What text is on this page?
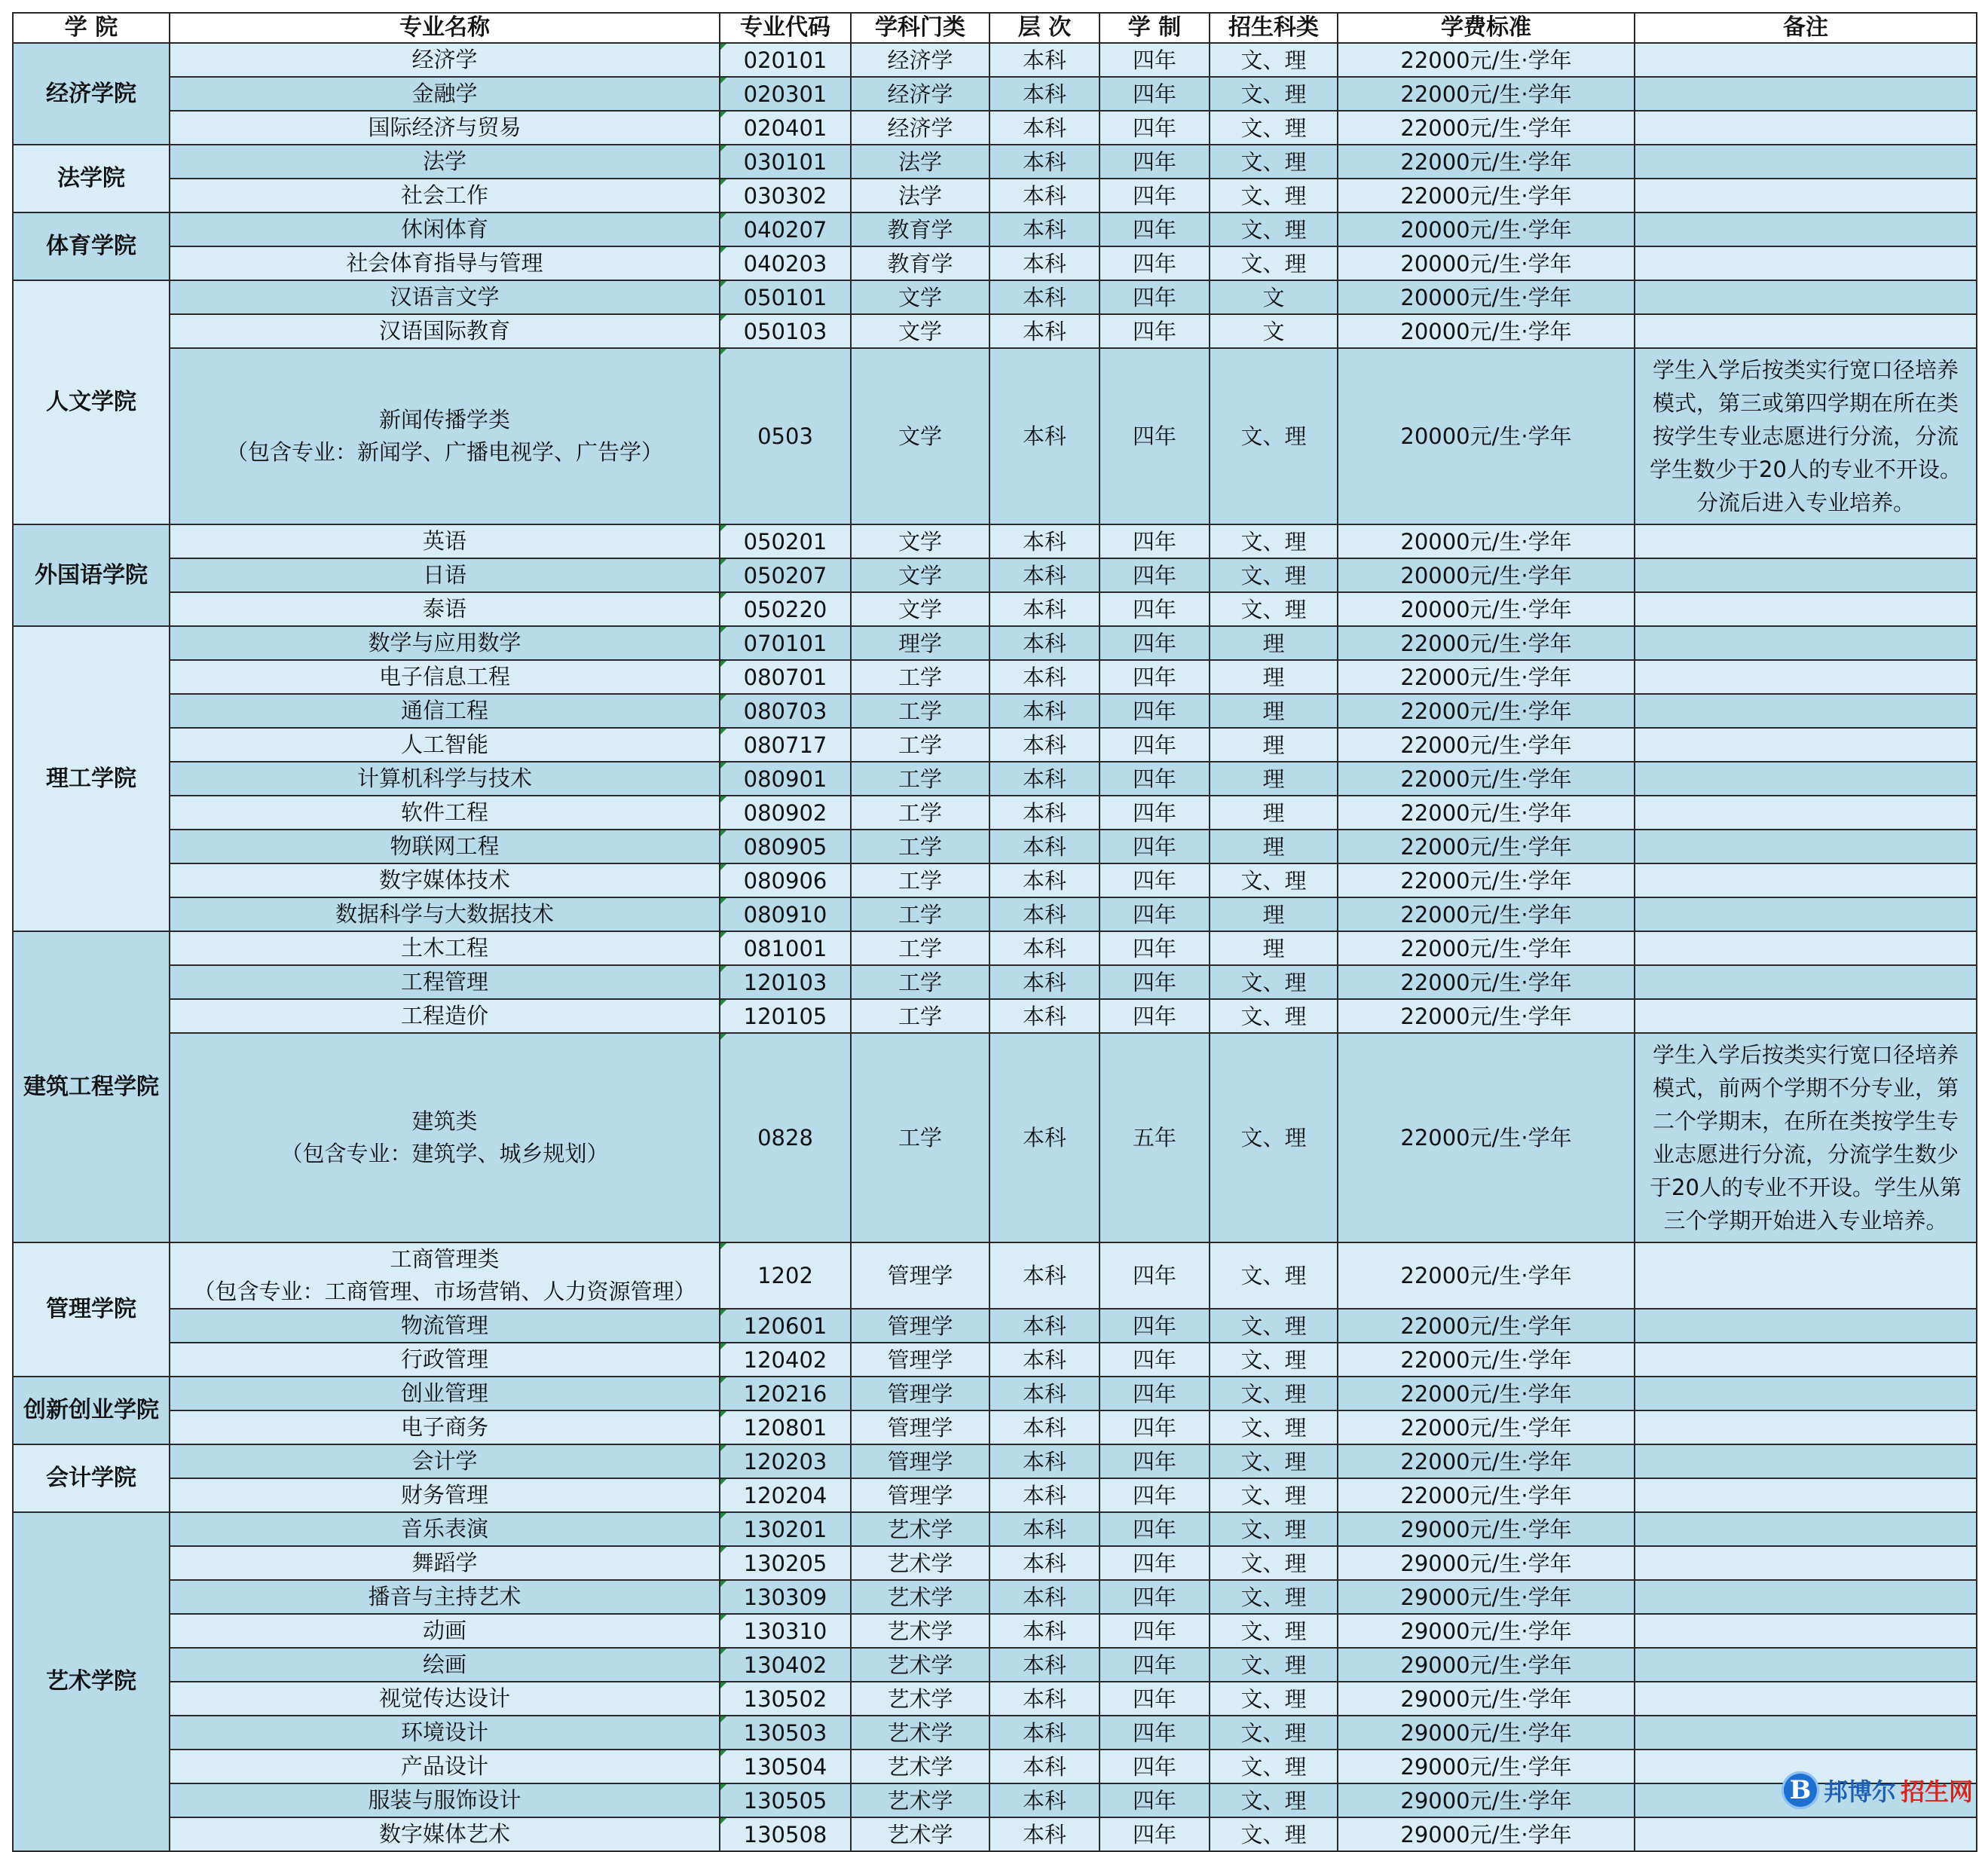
学 院	专业名称	专业代码	学科门类	层 次	学 制	招生科类	学费标准	备注
经济学院	经济学	020101	经济学	本科	四年	文、理	22000元/生·学年	

	金融学	020301	经济学	本科	四年	文、理	22000元/生·学年	

	国际经济与贸易	020401	经济学	本科	四年	文、理	22000元/生·学年	
法学院	法学	030101	法学	本科	四年	文、理	22000元/生·学年	

	社会工作	030302	法学	本科	四年	文、理	22000元/生·学年	
体育学院	休闲体育	040207	教育学	本科	四年	文、理	20000元/生·学年	

	社会体育指导与管理	040203	教育学	本科	四年	文、理	20000元/生·学年	
人文学院	汉语言文学	050101	文学	本科	四年	文	20000元/生·学年	

	汉语国际教育	050103	文学	本科	四年	文	20000元/生·学年	

	新闻传播学类
（包含专业：新闻学、广播电视学、广告学）	0503	文学	本科	四年	文、理	20000元/生·学年	学生入学后按类实行宽口径培养模式，第三或第四学期在所在类按学生专业志愿进行分流，分流学生数少于20人的专业不开设。分流后进入专业培养。
外国语学院	英语	050201	文学	本科	四年	文、理	20000元/生·学年	

	日语	050207	文学	本科	四年	文、理	20000元/生·学年	

	泰语	050220	文学	本科	四年	文、理	20000元/生·学年	
理工学院	数学与应用数学	070101	理学	本科	四年	理	22000元/生·学年	

	电子信息工程	080701	工学	本科	四年	理	22000元/生·学年	

	通信工程	080703	工学	本科	四年	理	22000元/生·学年	

	人工智能	080717	工学	本科	四年	理	22000元/生·学年	

	计算机科学与技术	080901	工学	本科	四年	理	22000元/生·学年	

	软件工程	080902	工学	本科	四年	理	22000元/生·学年	

	物联网工程	080905	工学	本科	四年	理	22000元/生·学年	

	数字媒体技术	080906	工学	本科	四年	文、理	22000元/生·学年	

	数据科学与大数据技术	080910	工学	本科	四年	理	22000元/生·学年	
建筑工程学院	土木工程	081001	工学	本科	四年	理	22000元/生·学年	

	工程管理	120103	工学	本科	四年	文、理	22000元/生·学年	

	工程造价	120105	工学	本科	四年	文、理	22000元/生·学年	

	建筑类
（包含专业：建筑学、城乡规划）	0828	工学	本科	五年	文、理	22000元/生·学年	学生入学后按类实行宽口径培养模式，前两个学期不分专业，第二个学期末，在所在类按学生专业志愿进行分流，分流学生数少于20人的专业不开设。学生从第三个学期开始进入专业培养。
管理学院	工商管理类
（包含专业：工商管理、市场营销、人力资源管理）	1202	管理学	本科	四年	文、理	22000元/生·学年	

	物流管理	120601	管理学	本科	四年	文、理	22000元/生·学年	

	行政管理	120402	管理学	本科	四年	文、理	22000元/生·学年	
创新创业学院	创业管理	120216	管理学	本科	四年	文、理	22000元/生·学年	

	电子商务	120801	管理学	本科	四年	文、理	22000元/生·学年	
会计学院	会计学	120203	管理学	本科	四年	文、理	22000元/生·学年	

	财务管理	120204	管理学	本科	四年	文、理	22000元/生·学年	
艺术学院	音乐表演	130201	艺术学	本科	四年	文、理	29000元/生·学年	

	舞蹈学	130205	艺术学	本科	四年	文、理	29000元/生·学年	

	播音与主持艺术	130309	艺术学	本科	四年	文、理	29000元/生·学年	

	动画	130310	艺术学	本科	四年	文、理	29000元/生·学年	

	绘画	130402	艺术学	本科	四年	文、理	29000元/生·学年	

	视觉传达设计	130502	艺术学	本科	四年	文、理	29000元/生·学年	

	环境设计	130503	艺术学	本科	四年	文、理	29000元/生·学年	

	产品设计	130504	艺术学	本科	四年	文、理	29000元/生·学年	

	服装与服饰设计	130505	艺术学	本科	四年	文、理	29000元/生·学年	

	数字媒体艺术	130508	艺术学	本科	四年	文、理	29000元/生·学年	
B 邦博尔 招生网
